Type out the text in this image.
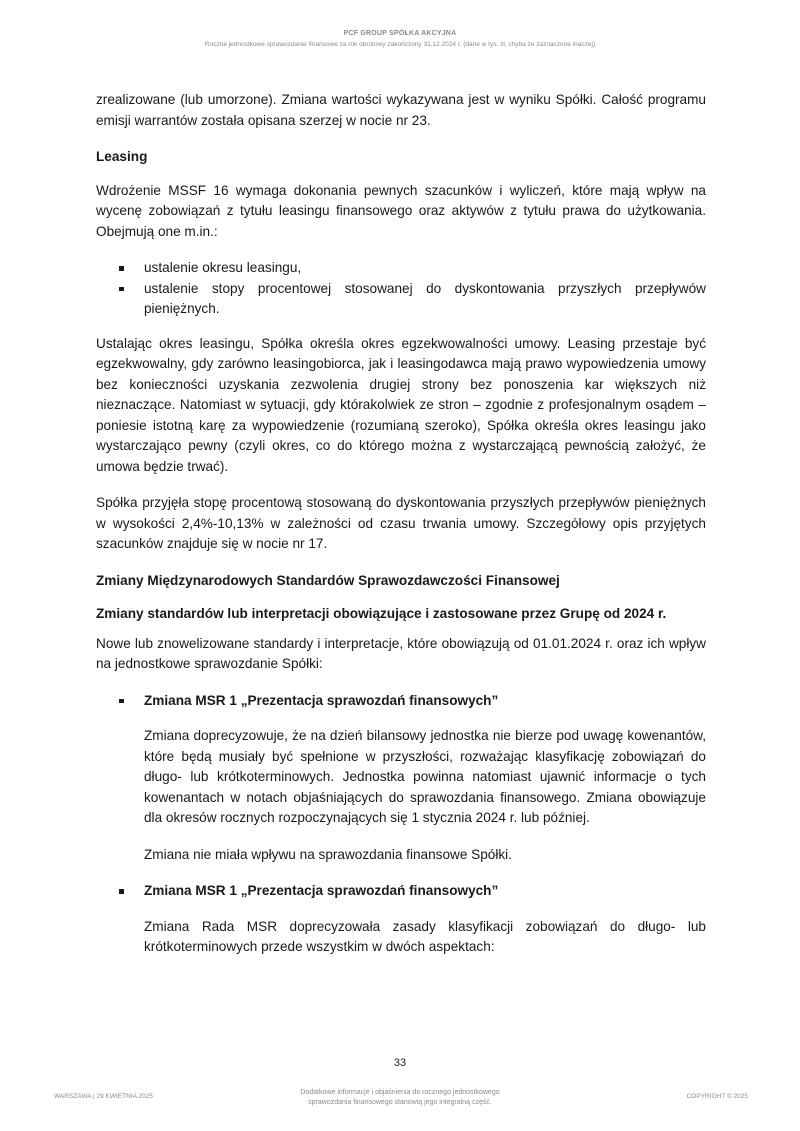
PCF GROUP SPÓŁKA AKCYJNA
Roczne jednostkowe sprawozdanie finansowe za rok obrotowy zakończony 31.12.2024 r. (dane w tys. zł, chyba że zaznaczone inaczej)

zrealizowane (lub umorzone). Zmiana wartości wykazywana jest w wyniku Spółki. Całość programu emisji warrantów została opisana szerzej w nocie nr 23.

Leasing

Wdrożenie MSSF 16 wymaga dokonania pewnych szacunków i wyliczeń, które mają wpływ na wycenę zobowiązań z tytułu leasingu finansowego oraz aktywów z tytułu prawa do użytkowania. Obejmują one m.in.:

ustalenie okresu leasingu,
ustalenie stopy procentowej stosowanej do dyskontowania przyszłych przepływów pieniężnych.

Ustalając okres leasingu, Spółka określa okres egzekwowalności umowy. Leasing przestaje być egzekwowalny, gdy zarówno leasingobiorca, jak i leasingodawca mają prawo wypowiedzenia umowy bez konieczności uzyskania zezwolenia drugiej strony bez ponoszenia kar większych niż nieznaczące. Natomiast w sytuacji, gdy którakolwiek ze stron – zgodnie z profesjonalnym osądem – poniesie istotną karę za wypowiedzenie (rozumianą szeroko), Spółka określa okres leasingu jako wystarczająco pewny (czyli okres, co do którego można z wystarczającą pewnością założyć, że umowa będzie trwać).

Spółka przyjęła stopę procentową stosowaną do dyskontowania przyszłych przepływów pieniężnych w wysokości 2,4%-10,13% w zależności od czasu trwania umowy. Szczegółowy opis przyjętych szacunków znajduje się w nocie nr 17.

Zmiany Międzynarodowych Standardów Sprawozdawczości Finansowej

Zmiany standardów lub interpretacji obowiązujące i zastosowane przez Grupę od 2024 r.

Nowe lub znowelizowane standardy i interpretacje, które obowiązują od 01.01.2024 r. oraz ich wpływ na jednostkowe sprawozdanie Spółki:

Zmiana MSR 1 „Prezentacja sprawozdań finansowych”

Zmiana doprecyzowuje, że na dzień bilansowy jednostka nie bierze pod uwagę kowenantów, które będą musiały być spełnione w przyszłości, rozważając klasyfikację zobowiązań do długo- lub krótkoterminowych. Jednostka powinna natomiast ujawnić informacje o tych kowenantach w notach objaśniających do sprawozdania finansowego. Zmiana obowiązuje dla okresów rocznych rozpoczynających się 1 stycznia 2024 r. lub później.

Zmiana nie miała wpływu na sprawozdania finansowe Spółki.

Zmiana MSR 1 „Prezentacja sprawozdań finansowych”

Zmiana Rada MSR doprecyzowała zasady klasyfikacji zobowiązań do długo- lub krótkoterminowych przede wszystkim w dwóch aspektach:

33
WARSZAWA | 29 KWIETNIA 2025
Dodatkowe informacje i objaśnienia do rocznego jednostkowego
sprawozdania finansowego stanowią jego integralną część.
COPYRIGHT © 2025
